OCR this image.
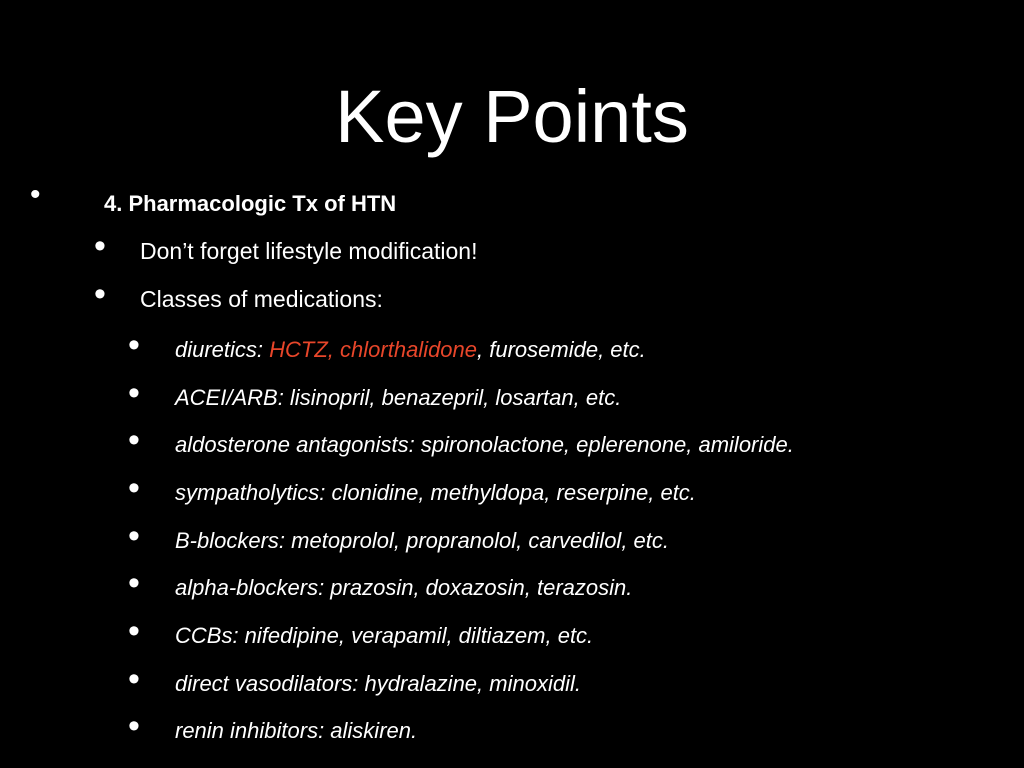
Key Points
•	4. Pharmacologic Tx of HTN
• Don’t forget lifestyle modification!
• Classes of medications:
• diuretics: HCTZ, chlorthalidone, furosemide, etc.
• ACEI/ARB: lisinopril, benazepril, losartan, etc.
• aldosterone antagonists: spironolactone, eplerenone, amiloride.
• sympatholytics: clonidine, methyldopa, reserpine, etc.
• B-blockers: metoprolol, propranolol, carvedilol, etc.
• alpha-blockers: prazosin, doxazosin, terazosin.
• CCBs: nifedipine, verapamil, diltiazem, etc.
• direct vasodilators: hydralazine, minoxidil.
• renin inhibitors: aliskiren.
